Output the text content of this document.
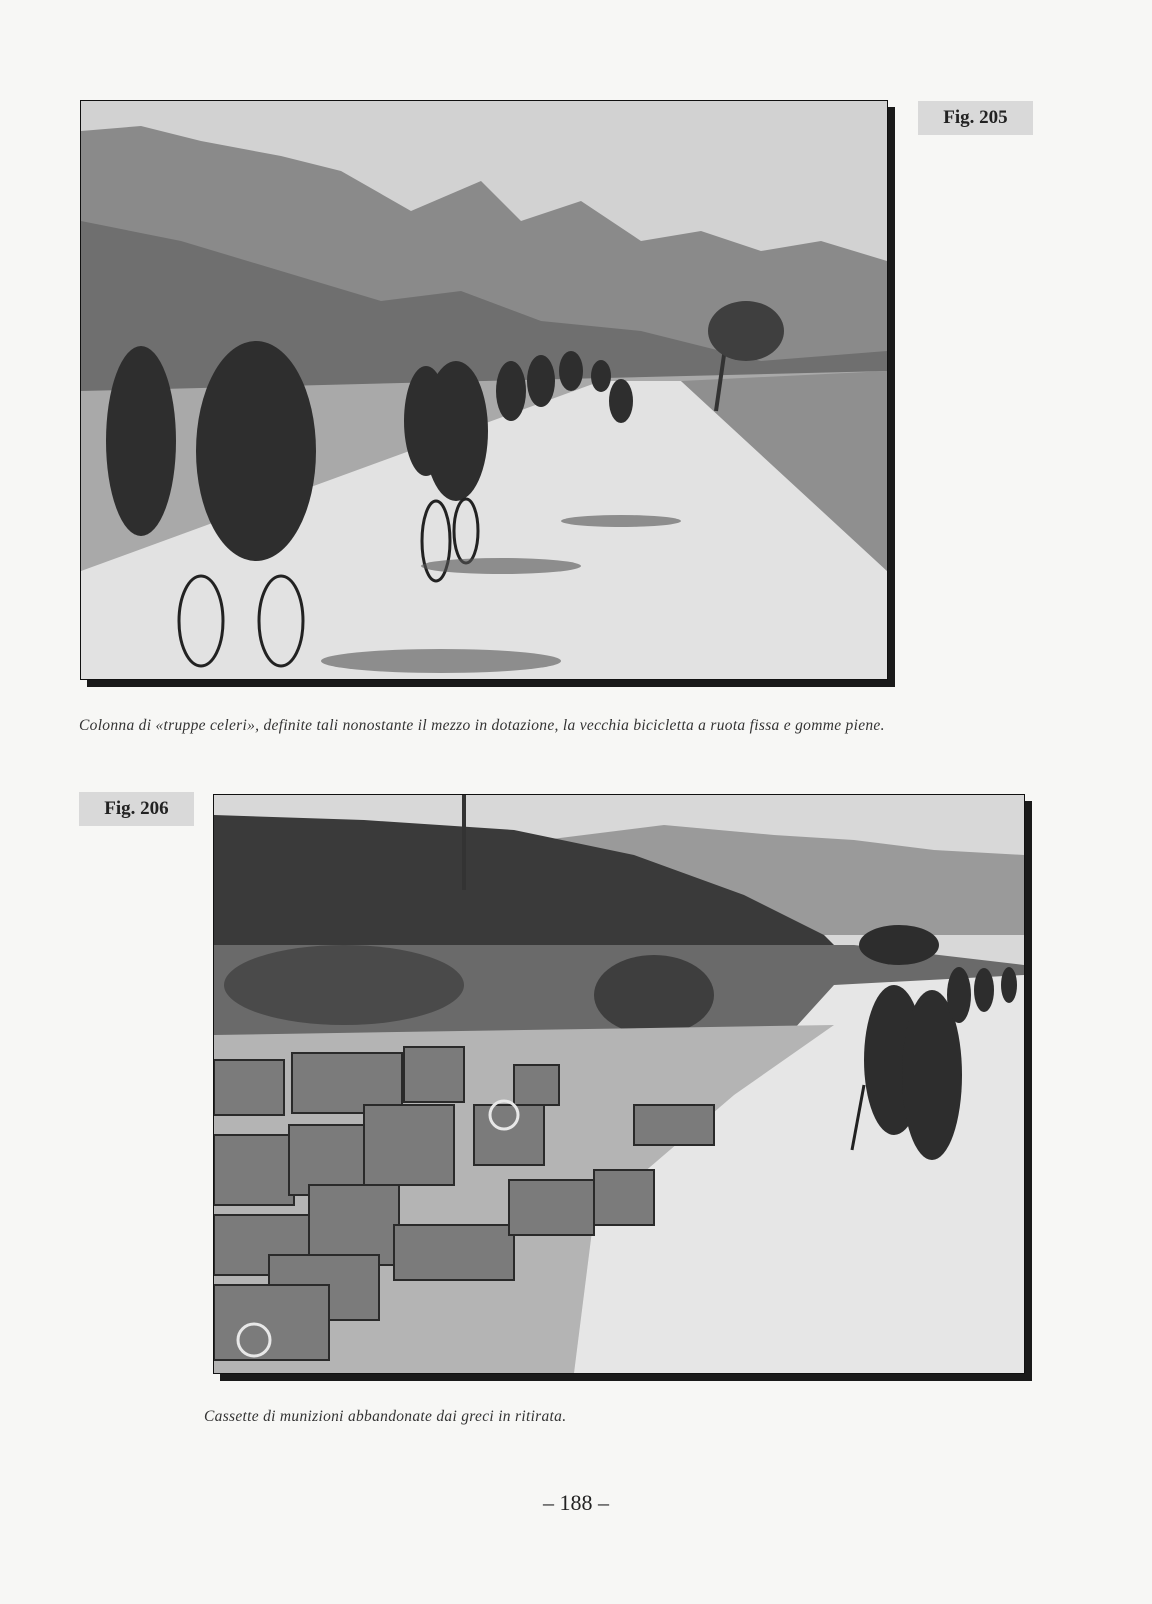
Fig. 205
Colonna di «truppe celeri», definite tali nonostante il mezzo in dotazione, la vecchia bicicletta a ruota fissa e gomme piene.
Fig. 206
Cassette di munizioni abbandonate dai greci in ritirata.
– 188 –
